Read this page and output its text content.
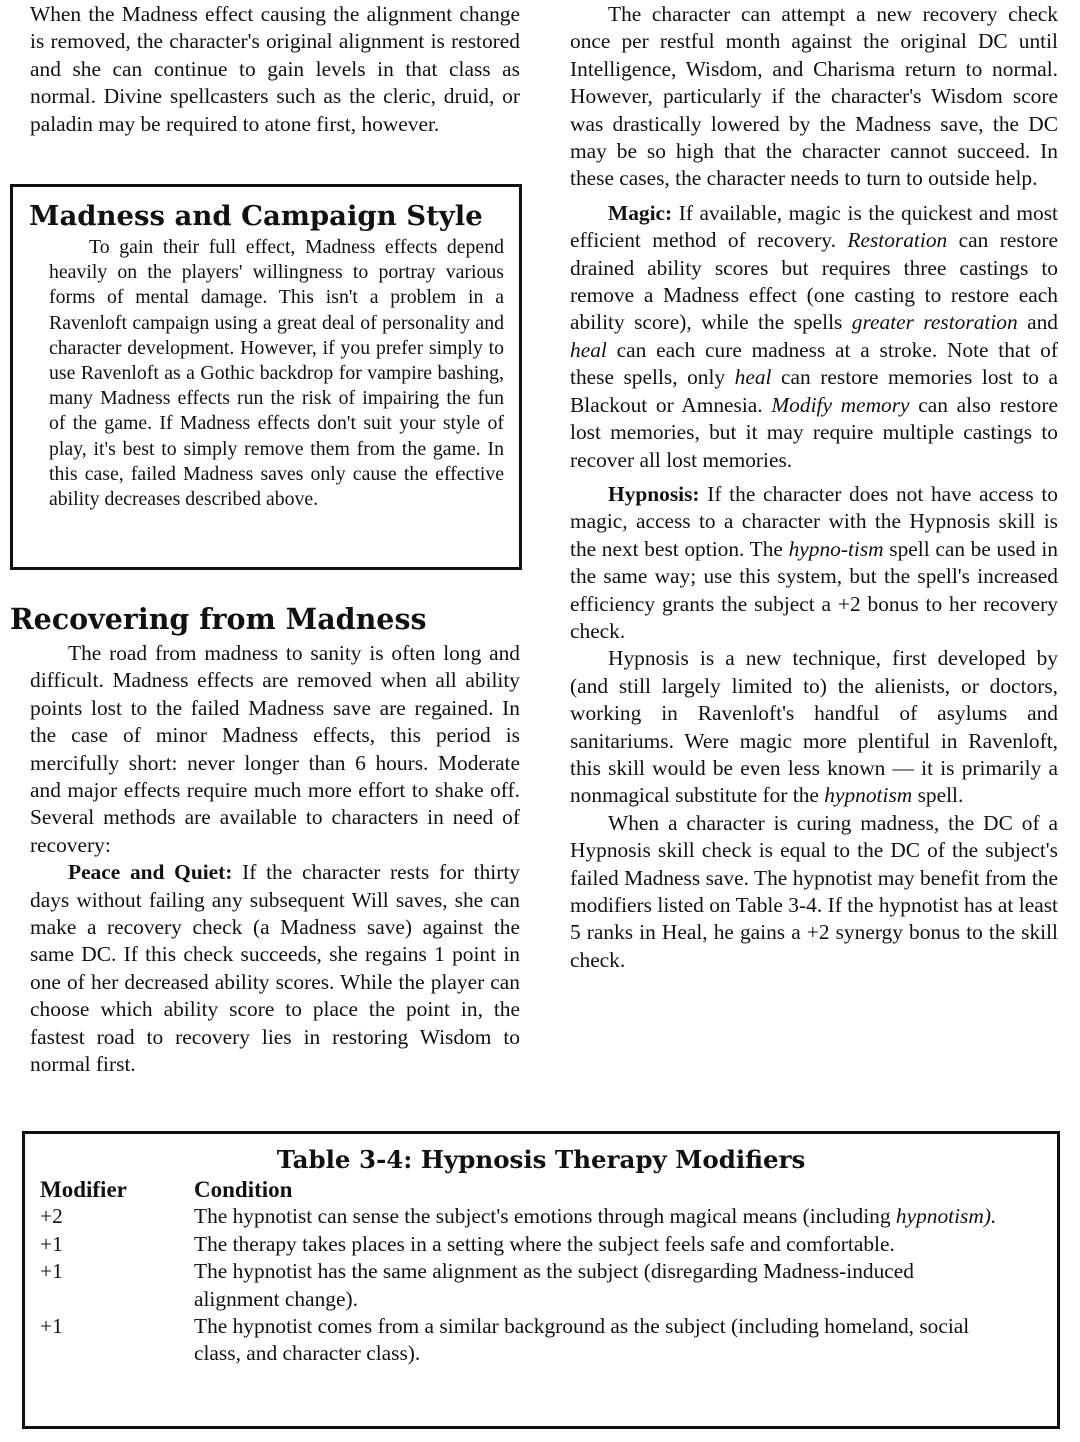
When the Madness effect causing the alignment change is removed, the character's original alignment is restored and she can continue to gain levels in that class as normal. Divine spellcasters such as the cleric, druid, or paladin may be required to atone first, however.

Madness and Campaign Style

To gain their full effect, Madness effects depend heavily on the players' willingness to portray various forms of mental damage. This isn't a problem in a Ravenloft campaign using a great deal of personality and character development. However, if you prefer simply to use Ravenloft as a Gothic backdrop for vampire bashing, many Madness effects run the risk of impairing the fun of the game. If Madness effects don't suit your style of play, it's best to simply remove them from the game. In this case, failed Madness saves only cause the effective ability decreases described above.

Recovering from Madness

The road from madness to sanity is often long and difficult. Madness effects are removed when all ability points lost to the failed Madness save are regained. In the case of minor Madness effects, this period is mercifully short: never longer than 6 hours. Moderate and major effects require much more effort to shake off. Several methods are available to characters in need of recovery:

Peace and Quiet: If the character rests for thirty days without failing any subsequent Will saves, she can make a recovery check (a Madness save) against the same DC. If this check succeeds, she regains 1 point in one of her decreased ability scores. While the player can choose which ability score to place the point in, the fastest road to recovery lies in restoring Wisdom to normal first.

The character can attempt a new recovery check once per restful month against the original DC until Intelligence, Wisdom, and Charisma return to normal. However, particularly if the character's Wisdom score was drastically lowered by the Madness save, the DC may be so high that the character cannot succeed. In these cases, the character needs to turn to outside help.

Magic: If available, magic is the quickest and most efficient method of recovery. Restoration can restore drained ability scores but requires three castings to remove a Madness effect (one casting to restore each ability score), while the spells greater restoration and heal can each cure madness at a stroke. Note that of these spells, only heal can restore memories lost to a Blackout or Amnesia. Modify memory can also restore lost memories, but it may require multiple castings to recover all lost memories.

Hypnosis: If the character does not have access to magic, access to a character with the Hypnosis skill is the next best option. The hypno-tism spell can be used in the same way; use this system, but the spell's increased efficiency grants the subject a +2 bonus to her recovery check.

Hypnosis is a new technique, first developed by (and still largely limited to) the alienists, or doctors, working in Ravenloft's handful of asylums and sanitariums. Were magic more plentiful in Ravenloft, this skill would be even less known — it is primarily a nonmagical substitute for the hypnotism spell.

When a character is curing madness, the DC of a Hypnosis skill check is equal to the DC of the subject's failed Madness save. The hypnotist may benefit from the modifiers listed on Table 3-4. If the hypnotist has at least 5 ranks in Heal, he gains a +2 synergy bonus to the skill check.

Table 3-4: Hypnosis Therapy Modifiers
Modifier	Condition
+2	The hypnotist can sense the subject's emotions through magical means (including hypnotism).
+1	The therapy takes places in a setting where the subject feels safe and comfortable.
+1	The hypnotist has the same alignment as the subject (disregarding Madness-induced alignment change).
+1	The hypnotist comes from a similar background as the subject (including homeland, social class, and character class).
